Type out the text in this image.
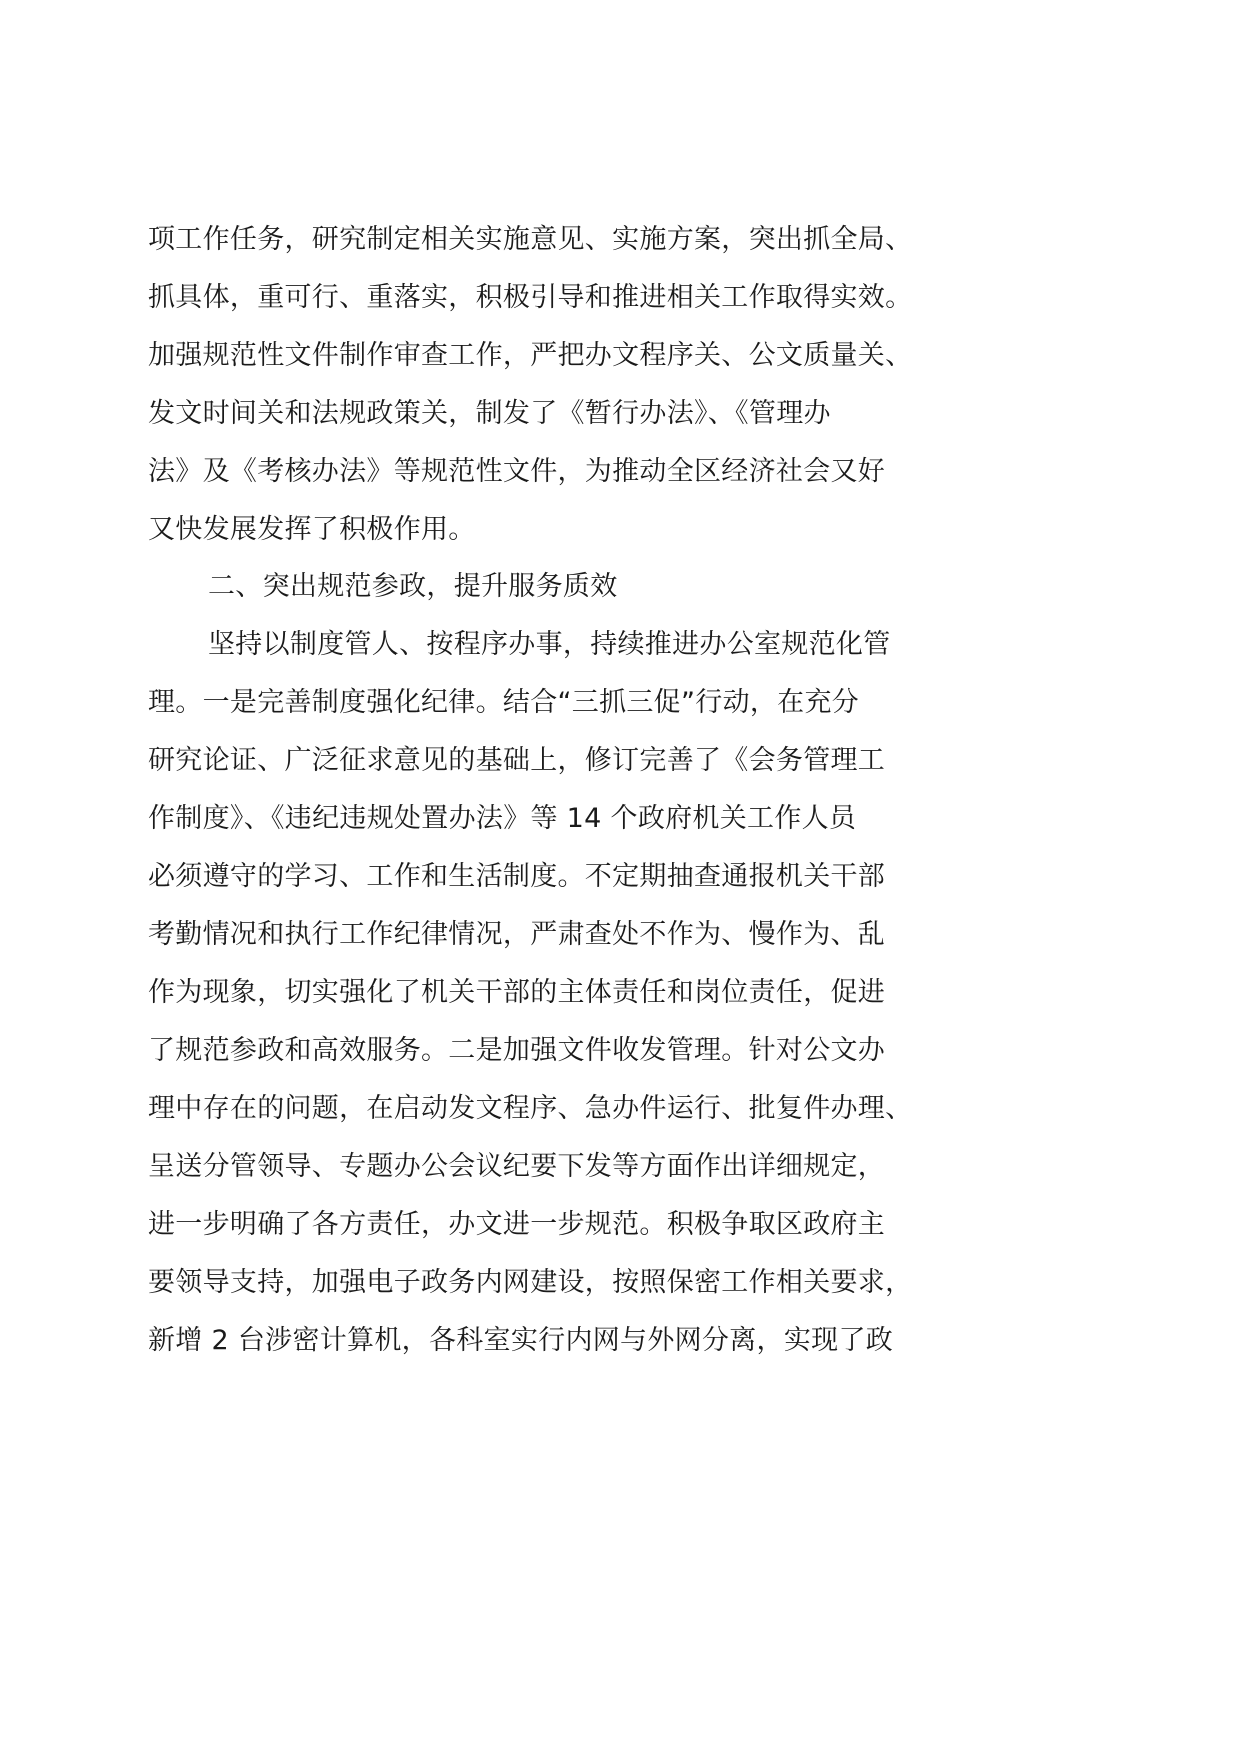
项工作任务，研究制定相关实施意见、实施方案，突出抓全局、
抓具体，重可行、重落实，积极引导和推进相关工作取得实效。
加强规范性文件制作审查工作，严把办文程序关、公文质量关、
发文时间关和法规政策关，制发了《暂行办法》、《管理办
法》及《考核办法》等规范性文件，为推动全区经济社会又好
又快发展发挥了积极作用。
二、突出规范参政，提升服务质效
坚持以制度管人、按程序办事，持续推进办公室规范化管
理。一是完善制度强化纪律。结合“三抓三促”行动，在充分
研究论证、广泛征求意见的基础上，修订完善了《会务管理工
作制度》、《违纪违规处置办法》等 14 个政府机关工作人员
必须遵守的学习、工作和生活制度。不定期抽查通报机关干部
考勤情况和执行工作纪律情况，严肃查处不作为、慢作为、乱
作为现象，切实强化了机关干部的主体责任和岗位责任，促进
了规范参政和高效服务。二是加强文件收发管理。针对公文办
理中存在的问题，在启动发文程序、急办件运行、批复件办理、
呈送分管领导、专题办公会议纪要下发等方面作出详细规定，
进一步明确了各方责任，办文进一步规范。积极争取区政府主
要领导支持，加强电子政务内网建设，按照保密工作相关要求，
新增 2 台涉密计算机，各科室实行内网与外网分离，实现了政
